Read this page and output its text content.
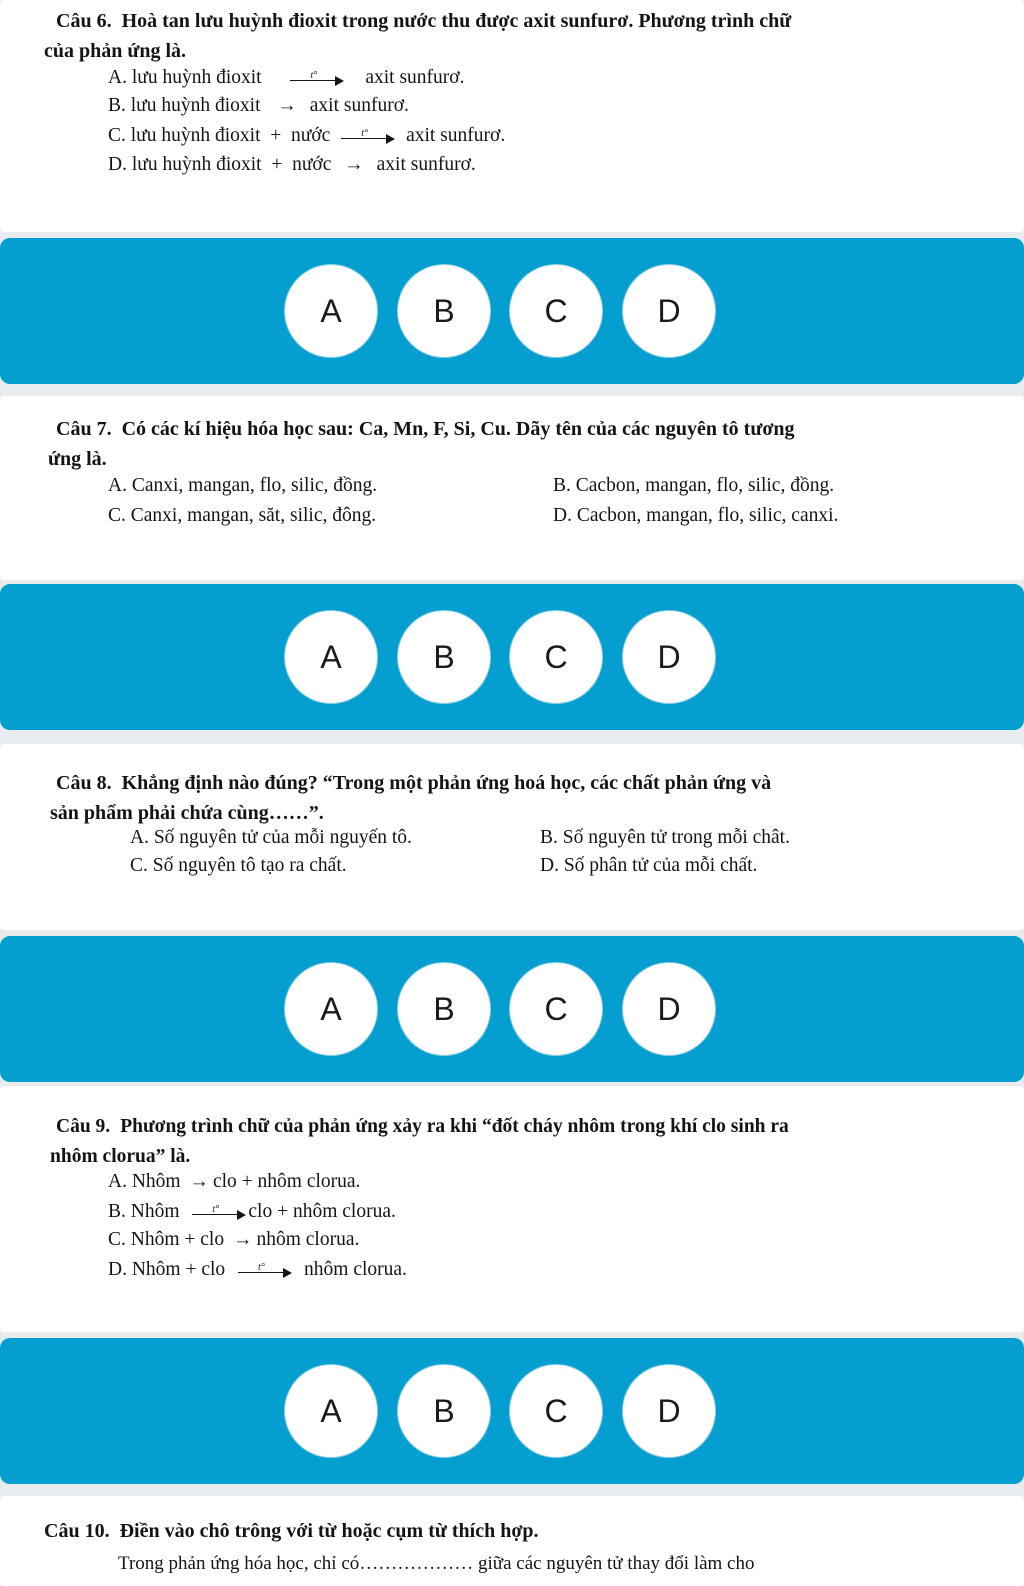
Câu 6. Hoà tan lưu huỳnh đioxit trong nước thu được axit sunfurơ. Phương trình chữ
của phản ứng là.
A. lưu huỳnh đioxit	t° axit sunfurơ.
B. lưu huỳnh đioxit → axit sunfurơ.
C. lưu huỳnh đioxit + nước	t° axit sunfurơ.
D. lưu huỳnh đioxit + nước → axit sunfurơ.
A	B	C	D
Câu 7. Có các kí hiệu hóa học sau: Ca, Mn, F, Si, Cu. Dãy tên của các nguyên tô tương
ứng là.
A. Canxi, mangan, flo, silic, đồng.	B. Cacbon, mangan, flo, silic, đồng.
C. Canxi, mangan, săt, silic, đông.	D. Cacbon, mangan, flo, silic, canxi.
A	B	C	D
Câu 8. Khẳng định nào đúng? “Trong một phản ứng hoá học, các chất phản ứng và
sản phẩm phải chứa cùng……”.
A. Số nguyên tử của mỗi nguyến tô.	B. Số nguyên tử trong mỗi chât.
C. Số nguyên tô tạo ra chất.	D. Số phân tử của mỗi chất.
A	B	C	D
Câu 9. Phương trình chữ của phản ứng xảy ra khi “đốt cháy nhôm trong khí clo sinh ra
nhôm clorua” là.
A. Nhôm → clo + nhôm clorua.
B. Nhôm	t° clo + nhôm clorua.
C. Nhôm + clo → nhôm clorua.
D. Nhôm + clo	t° nhôm clorua.
A	B	C	D
Câu 10. Điền vào chô trông với từ hoặc cụm từ thích hợp.
Trong phản ứng hóa học, chỉ có……………… giữa các nguyên tử thay đổi làm cho
